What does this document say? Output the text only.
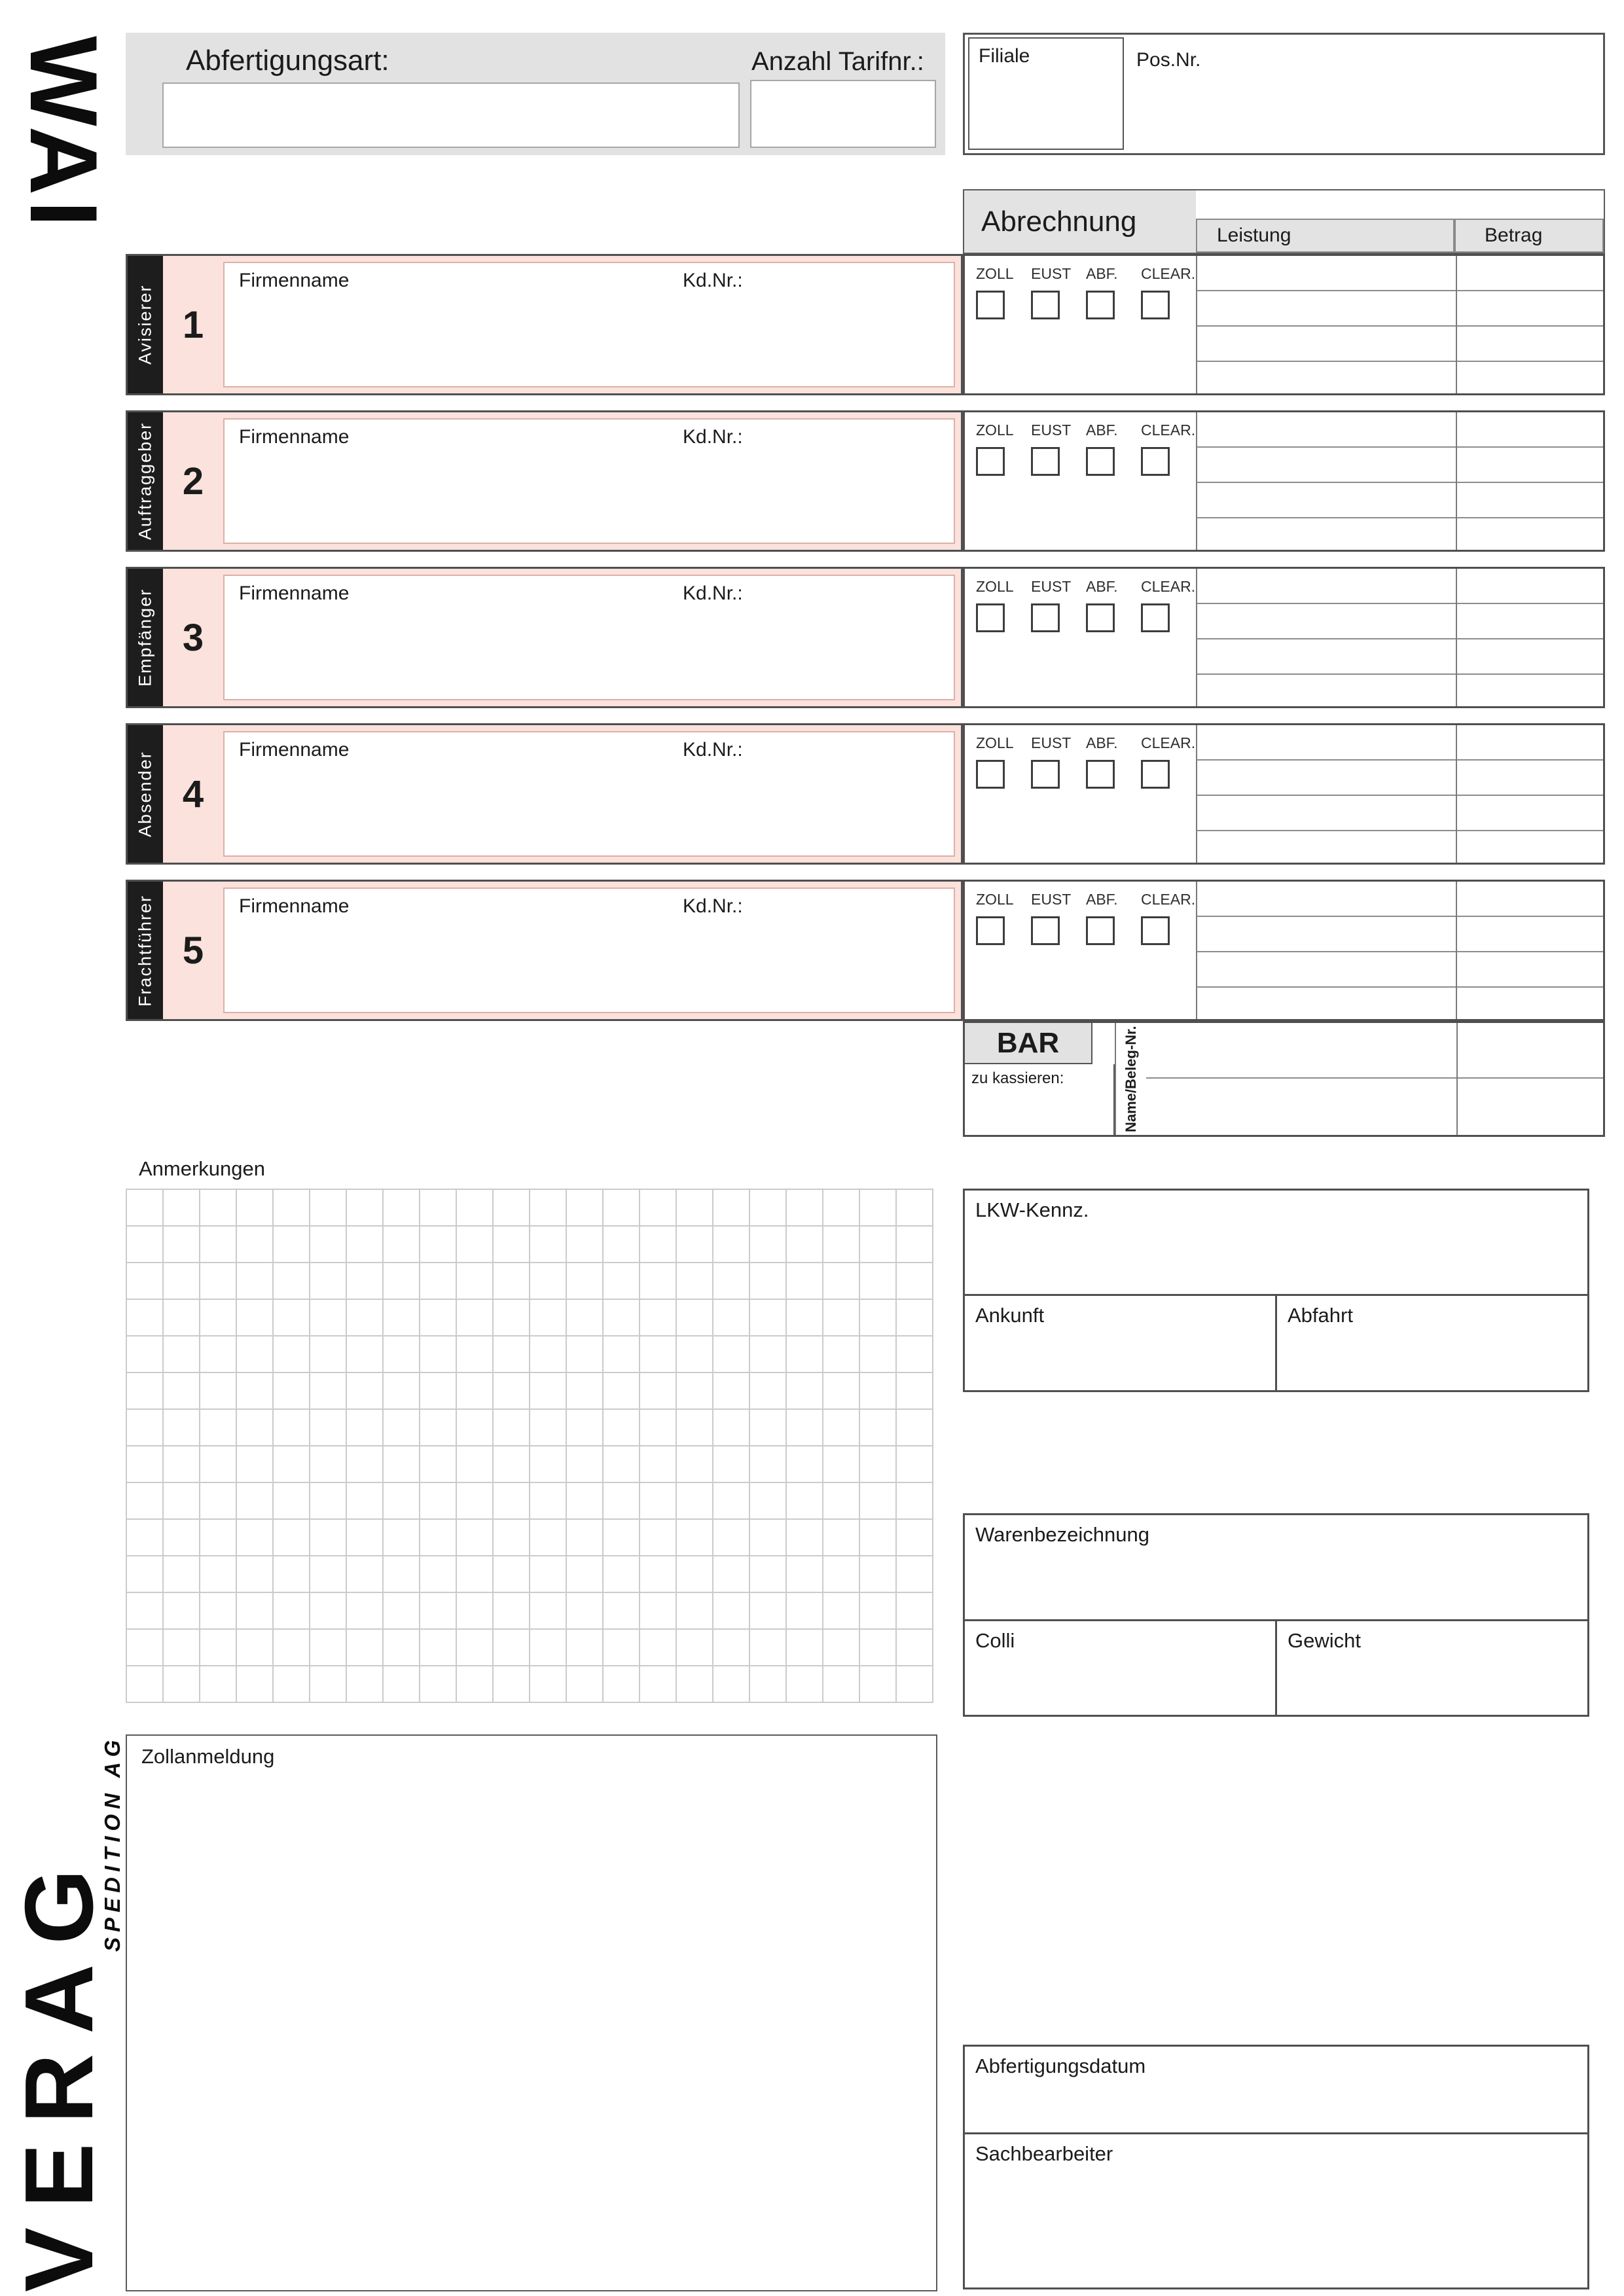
WAI
VERAG
SPEDITION AG
Abfertigungsart:	Anzahl Tarifnr.:	Filiale	Pos.Nr.
Abrechnung	Leistung	Betrag
Avisierer 1
Firmenname	Kd.Nr.:	ZOLL	EUST ABF.	CLEAR.
Auftraggeber 2
Firmenname	Kd.Nr.:	ZOLL	EUST ABF.	CLEAR.
Empfänger 3
Firmenname	Kd.Nr.:	ZOLL	EUST ABF.	CLEAR.
Absender 4
Firmenname	Kd.Nr.:	ZOLL	EUST ABF.	CLEAR.
Frachtführer 5
Firmenname	Kd.Nr.:	ZOLL	EUST ABF.	CLEAR.
BAR
zu kassieren:	Name/Beleg-Nr.
Anmerkungen
Zollanmeldung
LKW-Kennz.
Ankunft	Abfahrt
Warenbezeichnung
Colli	Gewicht
Abfertigungsdatum
Sachbearbeiter
